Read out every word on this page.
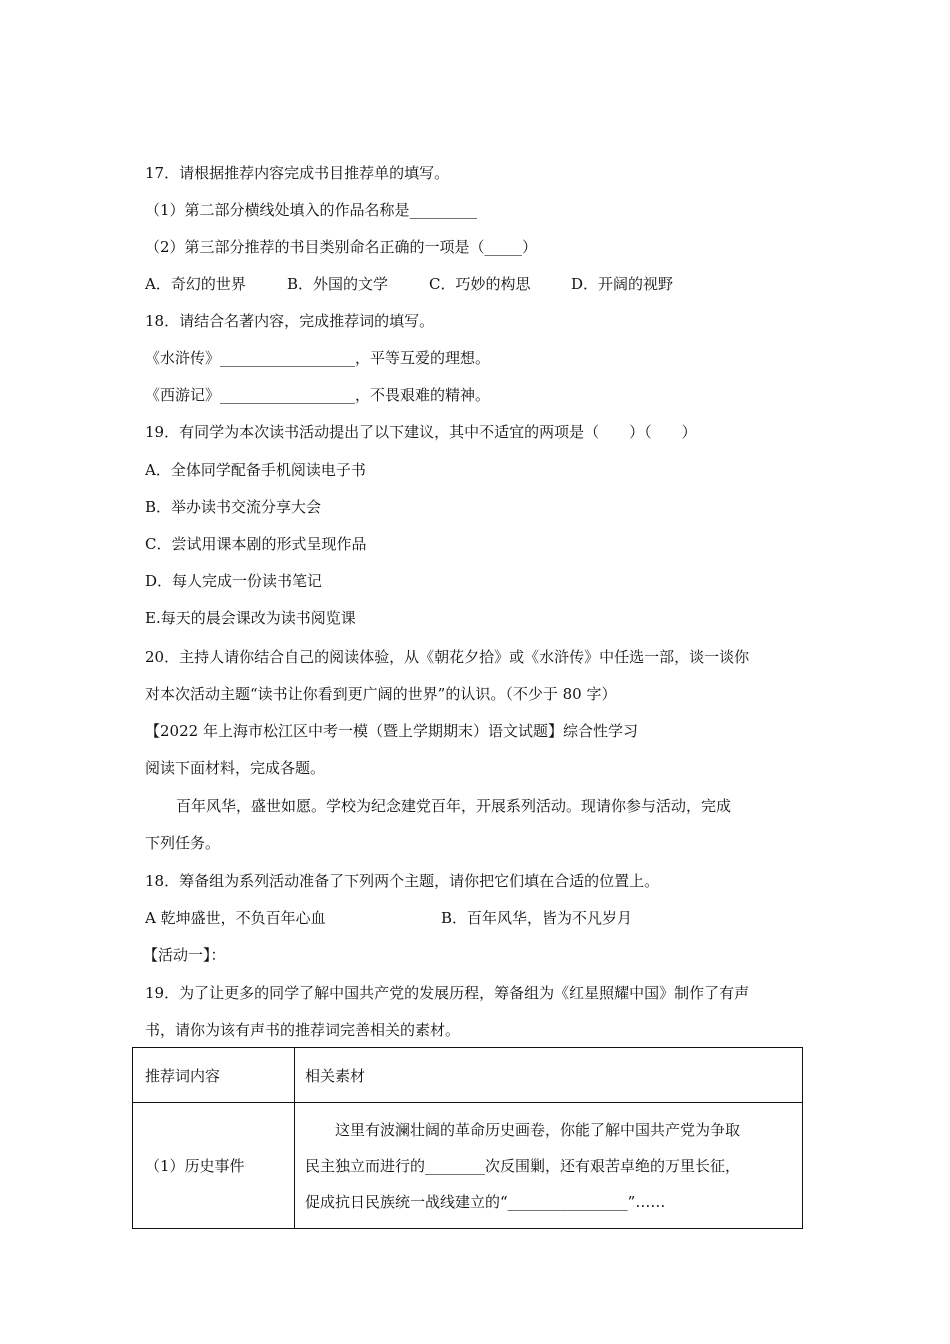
17．请根据推荐内容完成书目推荐单的填写。
（1）第二部分横线处填入的作品名称是_________
（2）第三部分推荐的书目类别命名正确的一项是（_____）
A．奇幻的世界	B．外国的文学	C．巧妙的构思	D．开阔的视野
18．请结合名著内容，完成推荐词的填写。
《水浒传》__________________，平等互爱的理想。
《西游记》__________________，不畏艰难的精神。
19．有同学为本次读书活动提出了以下建议，其中不适宜的两项是（　　）（　　）
A．全体同学配备手机阅读电子书
B．举办读书交流分享大会
C．尝试用课本剧的形式呈现作品
D．每人完成一份读书笔记
E.每天的晨会课改为读书阅览课
20．主持人请你结合自己的阅读体验，从《朝花夕拾》或《水浒传》中任选一部，谈一谈你
对本次活动主题“读书让你看到更广阔的世界”的认识。（不少于 80 字）
【2022 年上海市松江区中考一模（暨上学期期末）语文试题】综合性学习
阅读下面材料，完成各题。
百年风华，盛世如愿。学校为纪念建党百年，开展系列活动。现请你参与活动，完成
下列任务。
18．筹备组为系列活动准备了下列两个主题，请你把它们填在合适的位置上。
A 乾坤盛世，不负百年心血	B．百年风华，皆为不凡岁月
【活动一】：
19．为了让更多的同学了解中国共产党的发展历程，筹备组为《红星照耀中国》制作了有声
书，请你为该有声书的推荐词完善相关的素材。
推荐词内容	相关素材
（1）历史事件	　　这里有波澜壮阔的革命历史画卷，你能了解中国共产党为争取

民主独立而进行的________次反围剿，还有艰苦卓绝的万里长征，

促成抗日民族统一战线建立的“________________”……
